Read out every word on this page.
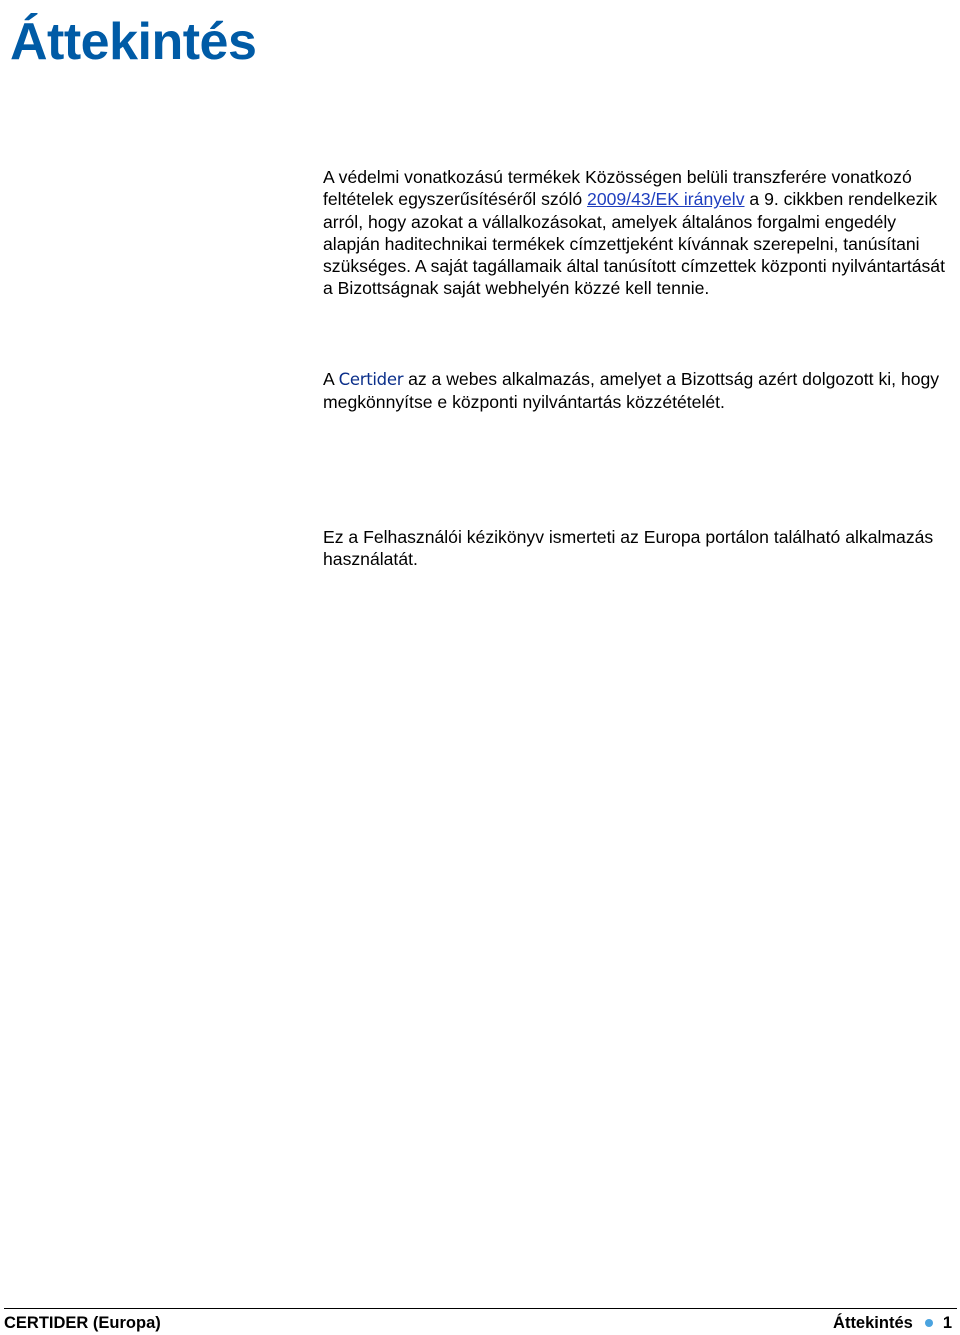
Áttekintés

A védelmi vonatkozású termékek Közösségen belüli transzferére vonatkozó feltételek egyszerűsítéséről szóló 2009/43/EK irányelv a 9. cikkben rendelkezik arról, hogy azokat a vállalkozásokat, amelyek általános forgalmi engedély alapján haditechnikai termékek címzettjeként kívánnak szerepelni, tanúsítani szükséges. A saját tagállamaik által tanúsított címzettek központi nyilvántartását a Bizottságnak saját webhelyén közzé kell tennie.

A Certider az a webes alkalmazás, amelyet a Bizottság azért dolgozott ki, hogy megkönnyítse e központi nyilvántartás közzétételét.

Ez a Felhasználói kézikönyv ismerteti az Europa portálon található alkalmazás használatát.

CERTIDER (Europa)	Áttekintés 1
